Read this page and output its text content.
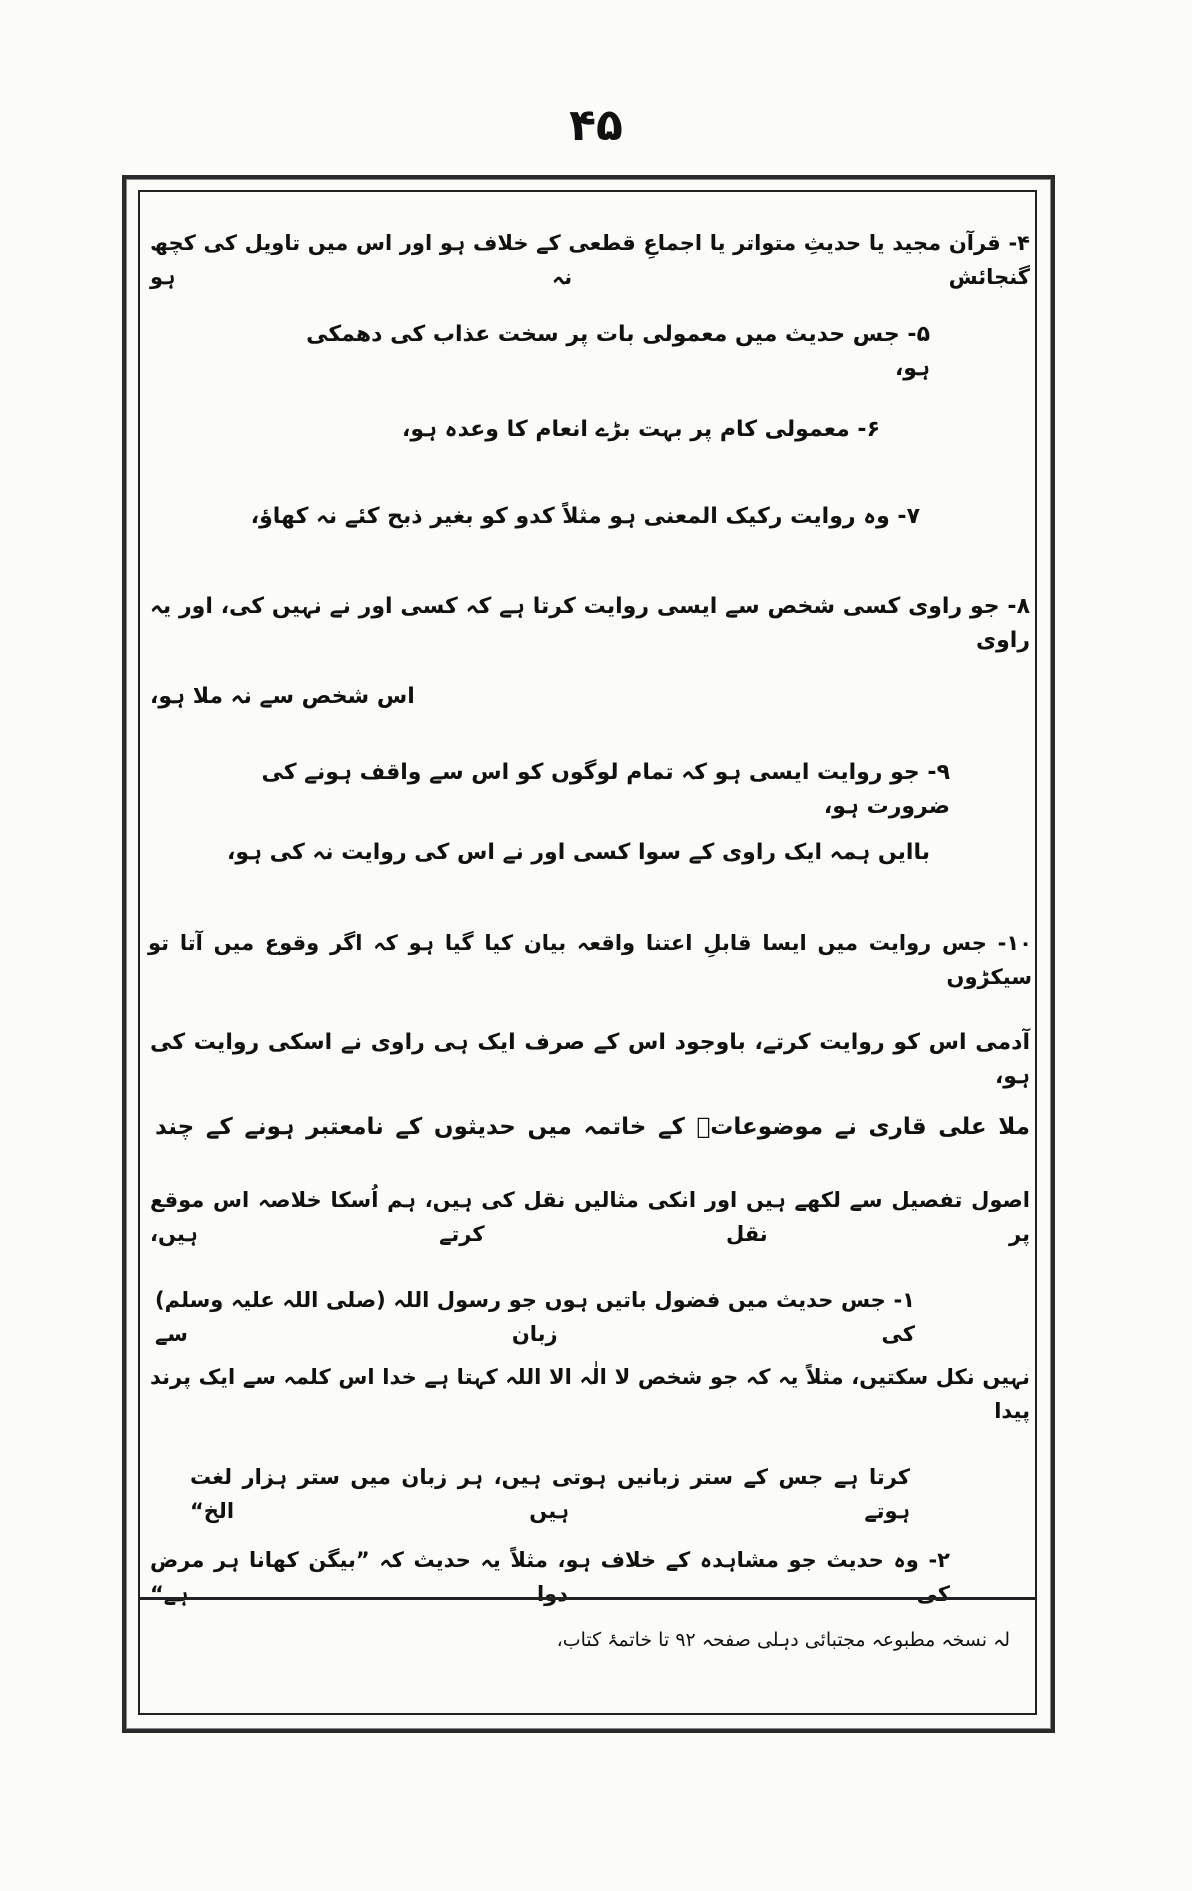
۴۵
۴- قرآن مجید یا حدیثِ متواتر یا اجماعِ قطعی کے خلاف ہو اور اس میں تاویل کی کچھ گنجائش نہ ہو
۵- جس حدیث میں معمولی بات پر سخت عذاب کی دھمکی ہو،
۶- معمولی کام پر بہت بڑے انعام کا وعدہ ہو،
۷- وہ روایت رکیک المعنی ہو مثلاً کدو کو بغیر ذبح کئے نہ کھاؤ،
۸- جو راوی کسی شخص سے ایسی روایت کرتا ہے کہ کسی اور نے نہیں کی، اور یہ راوی
اس شخص سے نہ ملا ہو،
۹- جو روایت ایسی ہو کہ تمام لوگوں کو اس سے واقف ہونے کی ضرورت ہو،
باایں ہمہ ایک راوی کے سوا کسی اور نے اس کی روایت نہ کی ہو،
۱۰- جس روایت میں ایسا قابلِ اعتنا واقعہ بیان کیا گیا ہو کہ اگر وقوع میں آتا تو سیکڑوں
آدمی اس کو روایت کرتے، باوجود اس کے صرف ایک ہی راوی نے اسکی روایت کی ہو،
ملا علی قاری نے موضوعاتؔ کے خاتمہ میں حدیثوں کے نامعتبر ہونے کے چند
اصول تفصیل سے لکھے ہیں اور انکی مثالیں نقل کی ہیں، ہم اُسکا خلاصہ اس موقع پر نقل کرتے ہیں،
۱- جس حدیث میں فضول باتیں ہوں جو رسول اللہ (صلی اللہ علیہ وسلم) کی زبان سے
نہیں نکل سکتیں، مثلاً یہ کہ جو شخص لا الٰہ الا اللہ کہتا ہے خدا اس کلمہ سے ایک پرند پیدا
کرتا ہے جس کے ستر زبانیں ہوتی ہیں، ہر زبان میں ستر ہزار لغت ہوتے ہیں الخ“
۲- وہ حدیث جو مشاہدہ کے خلاف ہو، مثلاً یہ حدیث کہ ”بیگن کھانا ہر مرض کی دوا ہے“
لہ نسخہ مطبوعہ مجتبائی دہلی صفحہ ۹۲ تا خاتمۂ کتاب،
